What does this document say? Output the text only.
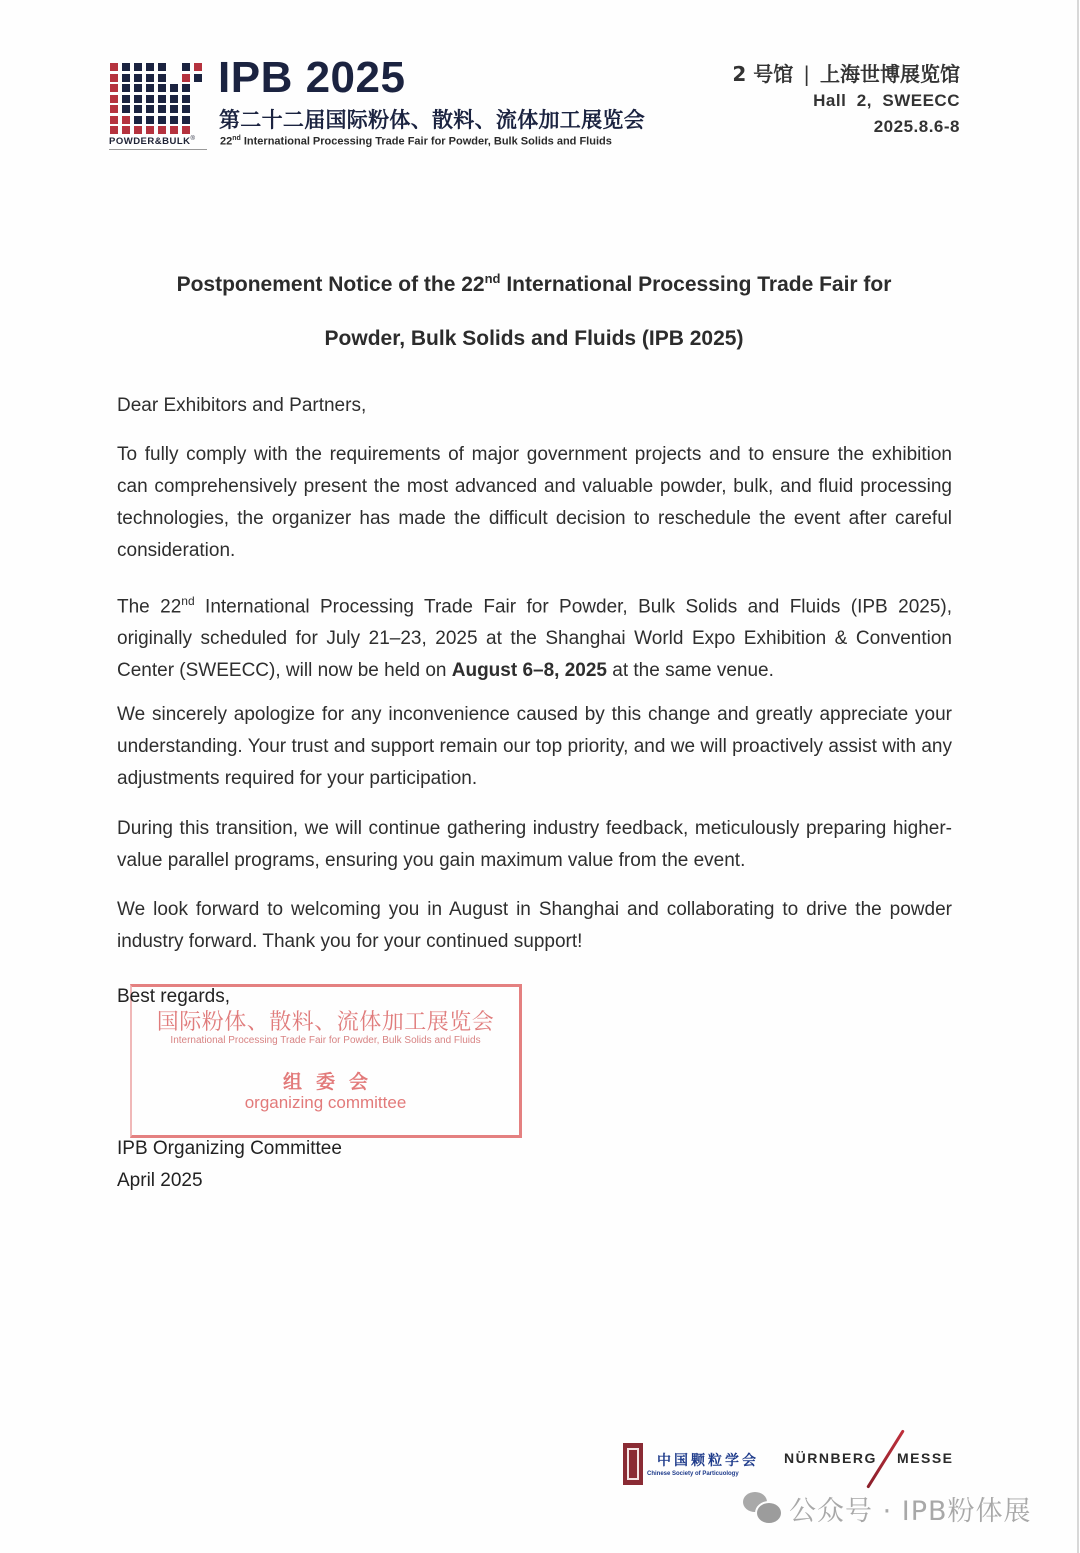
POWDER&BULK®
IPB 2025
第二十二届国际粉体、散料、流体加工展览会
22nd International Processing Trade Fair for Powder, Bulk Solids and Fluids
2 号馆 | 上海世博展览馆
Hall  2,  SWEECC
2025.8.6-8
Postponement Notice of the 22nd International Processing Trade Fair for
Powder, Bulk Solids and Fluids (IPB 2025)
Dear Exhibitors and Partners,
To fully comply with the requirements of major government projects and to ensure the exhibition can comprehensively present the most advanced and valuable powder, bulk, and fluid processing technologies, the organizer has made the difficult decision to reschedule the event after careful consideration.
The 22nd International Processing Trade Fair for Powder, Bulk Solids and Fluids (IPB 2025), originally scheduled for July 21–23, 2025 at the Shanghai World Expo Exhibition & Convention Center (SWEECC), will now be held on August 6–8, 2025 at the same venue.
We sincerely apologize for any inconvenience caused by this change and greatly appreciate your understanding. Your trust and support remain our top priority, and we will proactively assist with any adjustments required for your participation.
During this transition, we will continue gathering industry feedback, meticulously preparing higher-value parallel programs, ensuring you gain maximum value from the event.
We look forward to welcoming you in August in Shanghai and collaborating to drive the powder industry forward. Thank you for your continued support!
国际粉体、散料、流体加工展览会
International Processing Trade Fair for Powder, Bulk Solids and Fluids
组委会
organizing committee
Best regards,
IPB Organizing Committee
April 2025
中国颗粒学会
Chinese Society of Particuology
NÜRNBERG MESSE
公众号 · IPB粉体展
